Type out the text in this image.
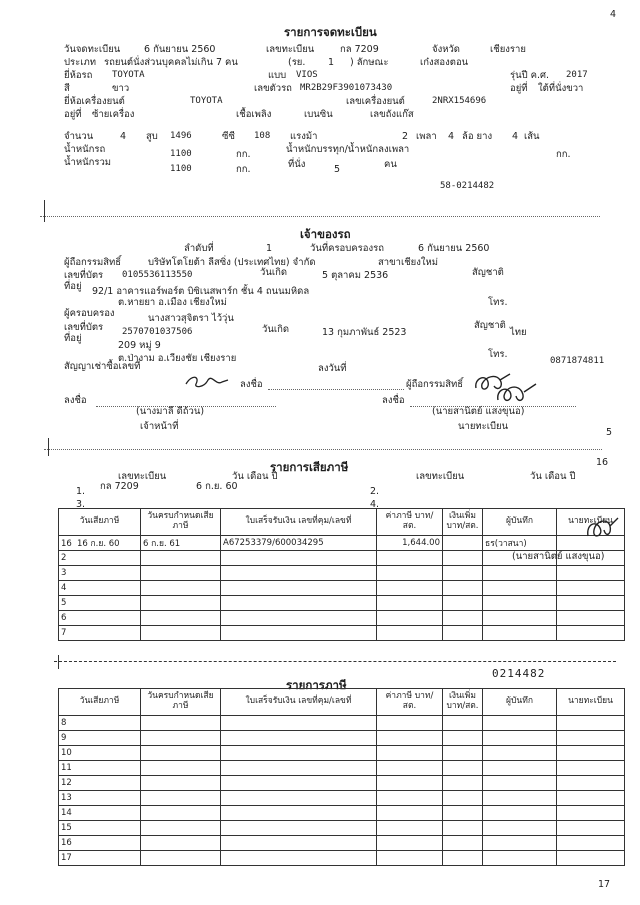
4
รายการจดทะเบียน
วันจดทะเบียน 6 กันยายน 2560	เลขทะเบียน	กล 7209	จังหวัด	เชียงราย
ประเภท รถยนต์นั่งส่วนบุคคลไม่เกิน 7 คน	(รย. 1 ) ลักษณะ	เก๋งสองตอน
ยี่ห้อรถ TOYOTA	แบบ VIOS	รุ่นปี ค.ศ. 2017
สี	ขาว	เลขตัวรถ MR2B29F3901073430	อยู่ที่ ใต้ที่นั่งขวา
ยี่ห้อเครื่องยนต์	TOYOTA	เลขเครื่องยนต์	2NRX154696
อยู่ที่ ซ้ายเครื่อง	เชื้อเพลิง	เบนซิน	เลขถังแก๊ส
จำนวน	4 สูบ 1496	ซีซี 108 แรงม้า	2 เพลา 4 ล้อ ยาง 4 เส้น
น้ำหนักรถ	1100	กก.	น้ำหนักบรรทุก/น้ำหนักลงเพลา	กก.
น้ำหนักรวม
1100	กก.	ที่นั่ง	5	คน
58-0214482
เจ้าของรถ
ลำดับที่	1	วันที่ครอบครองรถ	6 กันยายน 2560
ผู้ถือกรรมสิทธิ์	บริษัทโตโยต้า ลีสซิ่ง (ประเทศไทย) จำกัด	สาขาเชียงใหม่
เลขที่บัตร 0105536113550	วันเกิด	5 ตุลาคม 2536	สัญชาติ
ที่อยู่ 92/1 อาคารแอร์พอร์ต บิซิเนสพาร์ก ชั้น 4 ถนนมหิดล
ต.หายยา อ.เมือง เชียงใหม่	โทร.
ผู้ครอบครอง	นางสาวสุจิตรา ไว้วุ่น
เลขที่บัตร 2570701037506	วันเกิด	13 กุมภาพันธ์ 2523
สัญชาติ
ไทย
ที่อยู่
209 หมู่ 9
ต.ป่างาม อ.เวียงชัย เชียงราย	โทร.
0871874811
สัญญาเช่าซื้อเลขที่	ลงวันที่
ลงชื่อ	ผู้ถือกรรมสิทธิ์
ลงชื่อ
(นางมาลี ดีถ้วน)
ลงชื่อ
(นายสานิตย์ แสงขุนอ)
เจ้าหน้าที่	นายทะเบียน
5
16
รายการเสียภาษี
เลขทะเบียน	วัน เดือน ปี	เลขทะเบียน	วัน เดือน ปี
1. กล 7209	6 ก.ย. 60	2.
3.	4.
วันเสียภาษี	วันครบกำหนดเสียภาษี	ใบเสร็จรับเงิน เลขที่คุม/เลขที่	ค่าภาษี บาท/สต.	เงินเพิ่ม บาท/สต.	ผู้บันทึก	นายทะเบียน
16 16 ก.ย. 60	6 ก.ย. 61	A67253379/600034295	1,644.00		ธร(วาสนา)	
2						
3						
4						
5						
6						
7						
(นายสานิตย์ แสงขุนอ)
0214482
รายการภาษี
วันเสียภาษี	วันครบกำหนดเสียภาษี	ใบเสร็จรับเงิน เลขที่คุม/เลขที่	ค่าภาษี บาท/สต.	เงินเพิ่ม บาท/สต.	ผู้บันทึก	นายทะเบียน
8						
9						
10						
11						
12						
13						
14						
15						
16						
17						
17
